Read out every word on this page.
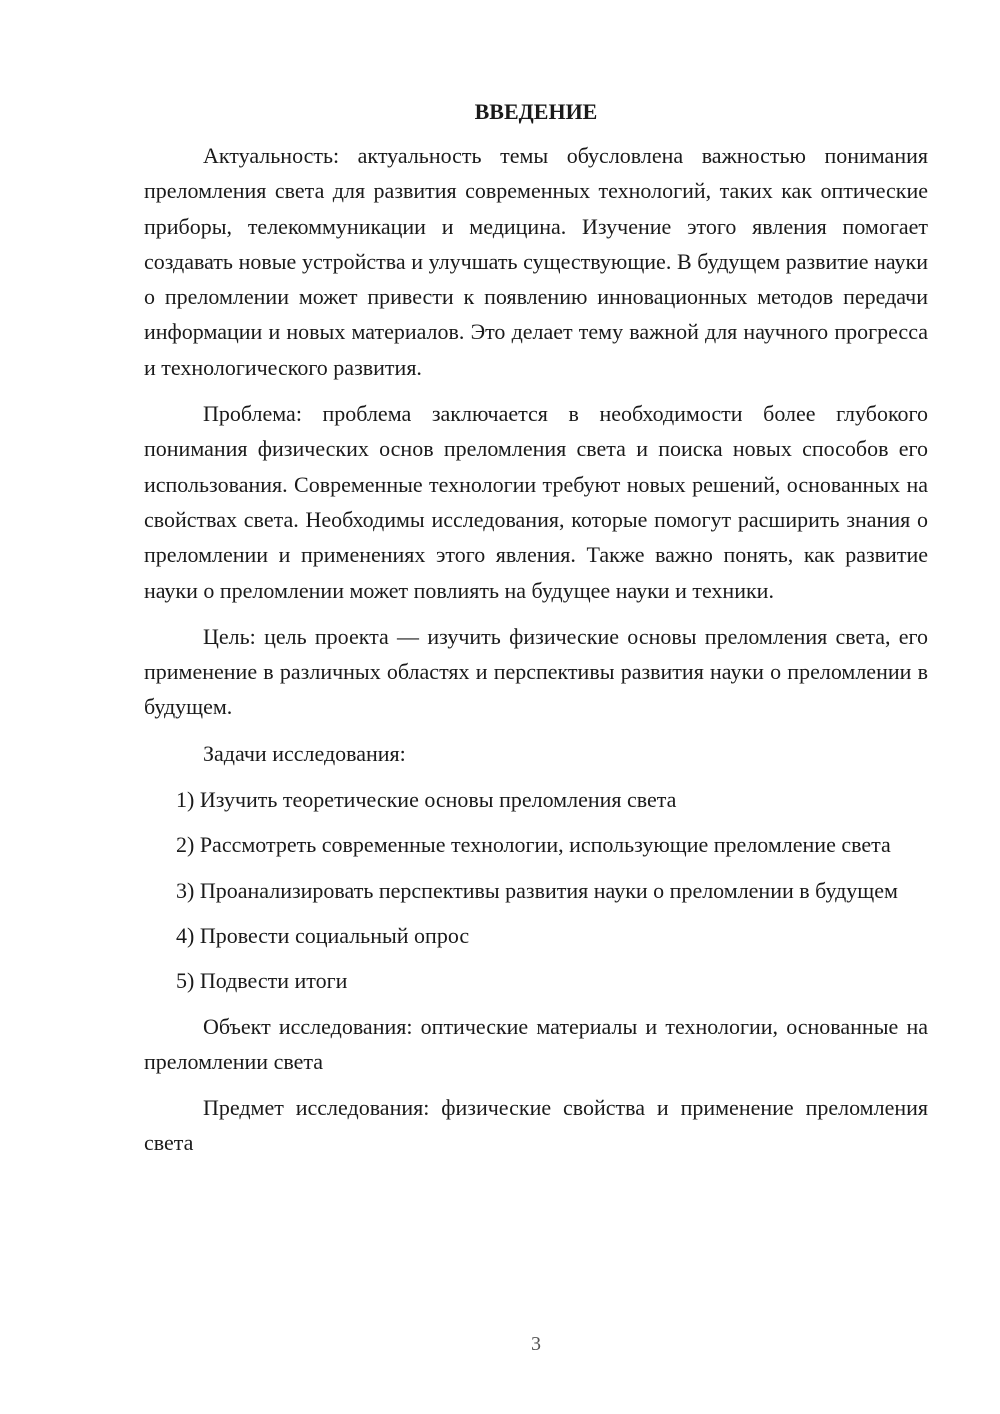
ВВЕДЕНИЕ

Актуальность: актуальность темы обусловлена важностью понимания преломления света для развития современных технологий, таких как оптические приборы, телекоммуникации и медицина. Изучение этого явления помогает создавать новые устройства и улучшать существующие. В будущем развитие науки о преломлении может привести к появлению инновационных методов передачи информации и новых материалов. Это делает тему важной для научного прогресса и технологического развития.

Проблема: проблема заключается в необходимости более глубокого понимания физических основ преломления света и поиска новых способов его использования. Современные технологии требуют новых решений, основанных на свойствах света. Необходимы исследования, которые помогут расширить знания о преломлении и применениях этого явления. Также важно понять, как развитие науки о преломлении может повлиять на будущее науки и техники.

Цель: цель проекта — изучить физические основы преломления света, его применение в различных областях и перспективы развития науки о преломлении в будущем.

Задачи исследования:

1) Изучить теоретические основы преломления света

2) Рассмотреть современные технологии, использующие преломление света

3) Проанализировать перспективы развития науки о преломлении в будущем

4) Провести социальный опрос

5) Подвести итоги

Объект исследования: оптические материалы и технологии, основанные на преломлении света

Предмет исследования: физические свойства и применение преломления света

3
